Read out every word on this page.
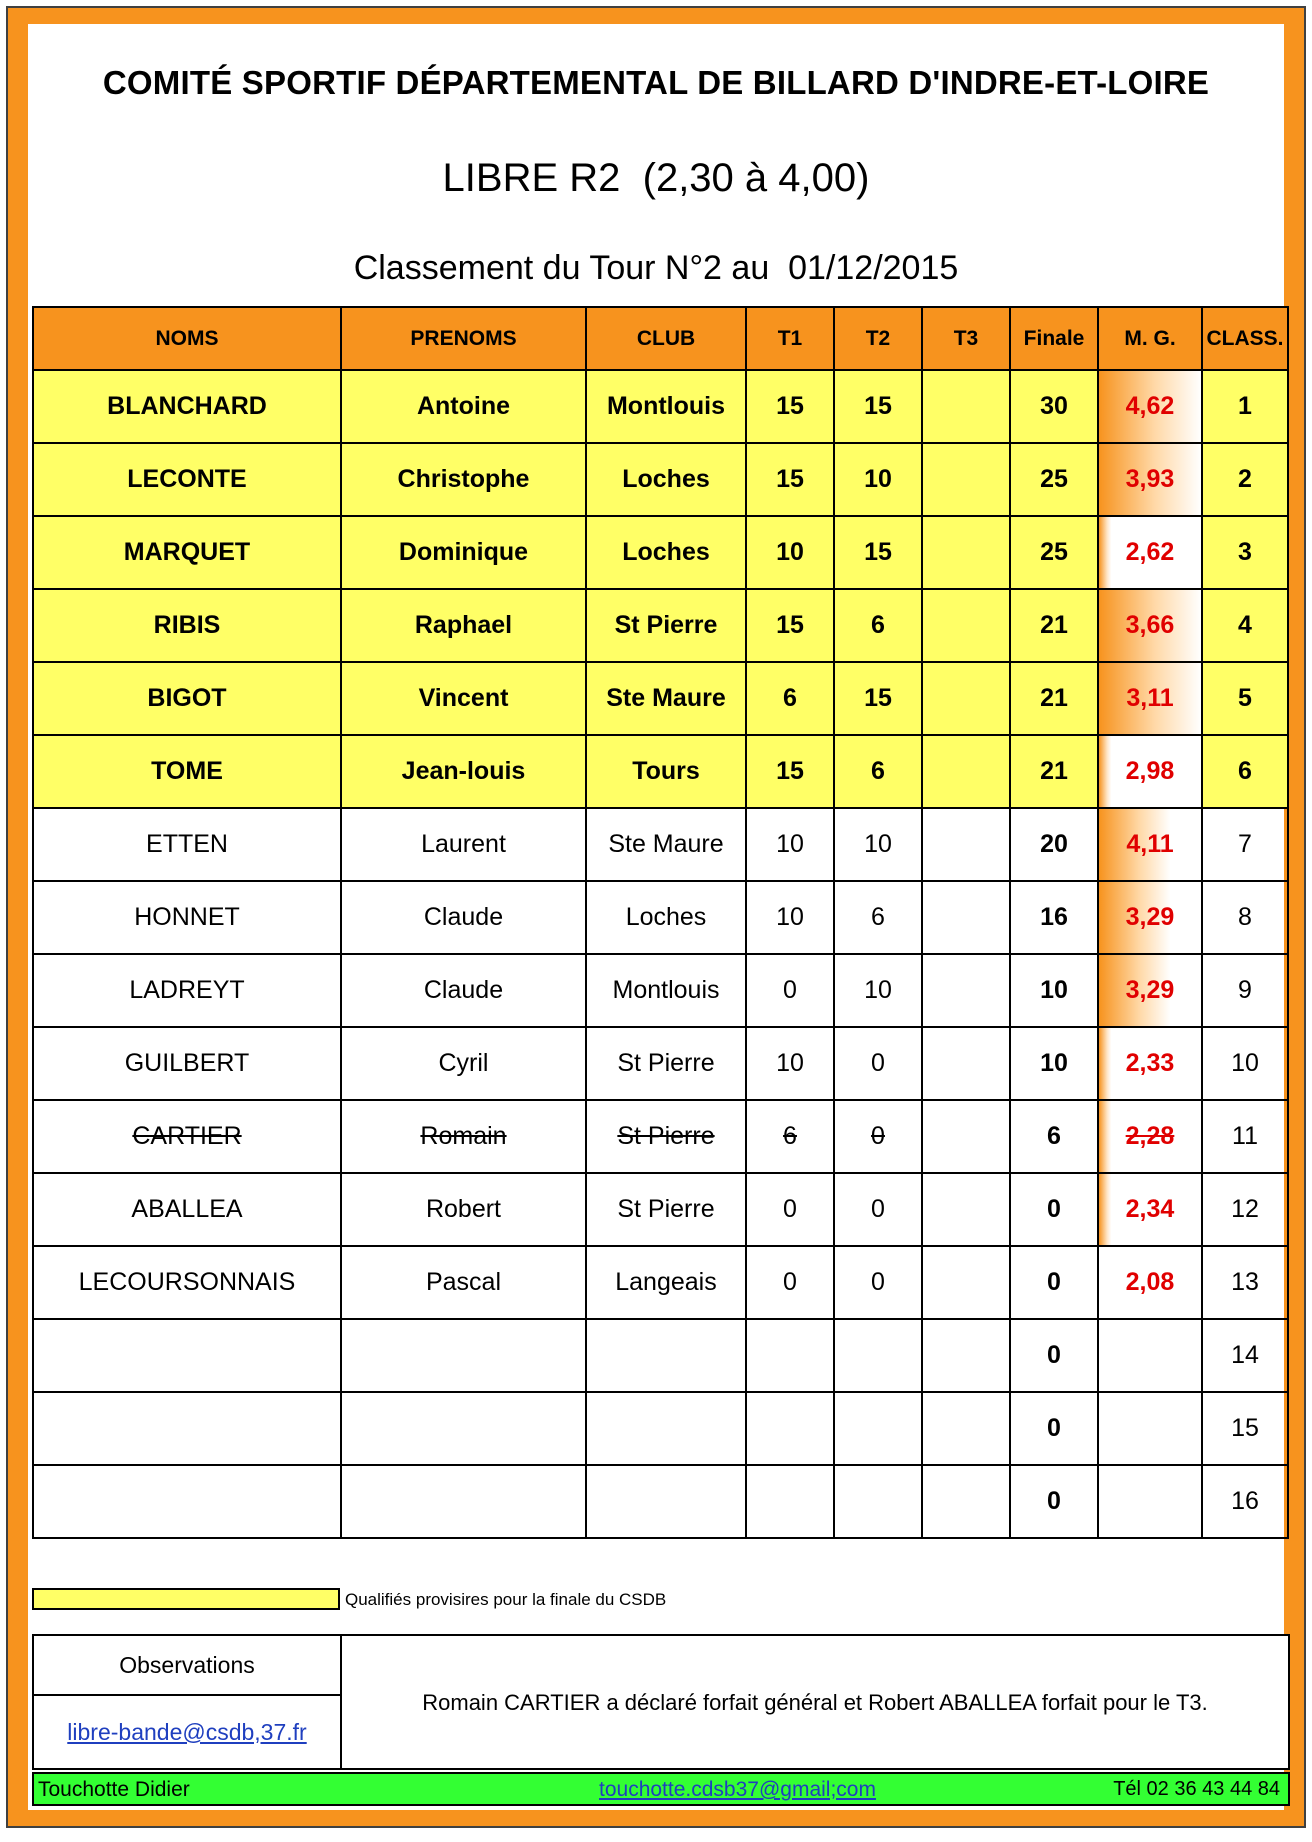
COMITÉ SPORTIF DÉPARTEMENTAL DE BILLARD D'INDRE-ET-LOIRE
LIBRE R2  (2,30 à 4,00)
Classement du Tour N°2 au  01/12/2015
NOMS	PRENOMS	CLUB	T1	T2	T3	Finale	M. G.	CLASS.
BLANCHARD	Antoine	Montlouis	15	15		30	4,62	1
LECONTE	Christophe	Loches	15	10		25	3,93	2
MARQUET	Dominique	Loches	10	15		25	2,62	3
RIBIS	Raphael	St Pierre	15	6		21	3,66	4
BIGOT	Vincent	Ste Maure	6	15		21	3,11	5
TOME	Jean-louis	Tours	15	6		21	2,98	6
ETTEN	Laurent	Ste Maure	10	10		20	4,11	7
HONNET	Claude	Loches	10	6		16	3,29	8
LADREYT	Claude	Montlouis	0	10		10	3,29	9
GUILBERT	Cyril	St Pierre	10	0		10	2,33	10
CARTIER	Romain	St Pierre	6	0		6	2,28	11
ABALLEA	Robert	St Pierre	0	0		0	2,34	12
LECOURSONNAIS	Pascal	Langeais	0	0		0	2,08	13
						0		14
						0		15
						0		16
Qualifiés provisires pour la finale du CSDB
Observations
libre-bande@csdb,37.fr
Romain CARTIER a déclaré forfait général et Robert ABALLEA forfait pour le T3.
Touchotte Didier	touchotte.cdsb37@gmail;com	Tél 02 36 43 44 84
